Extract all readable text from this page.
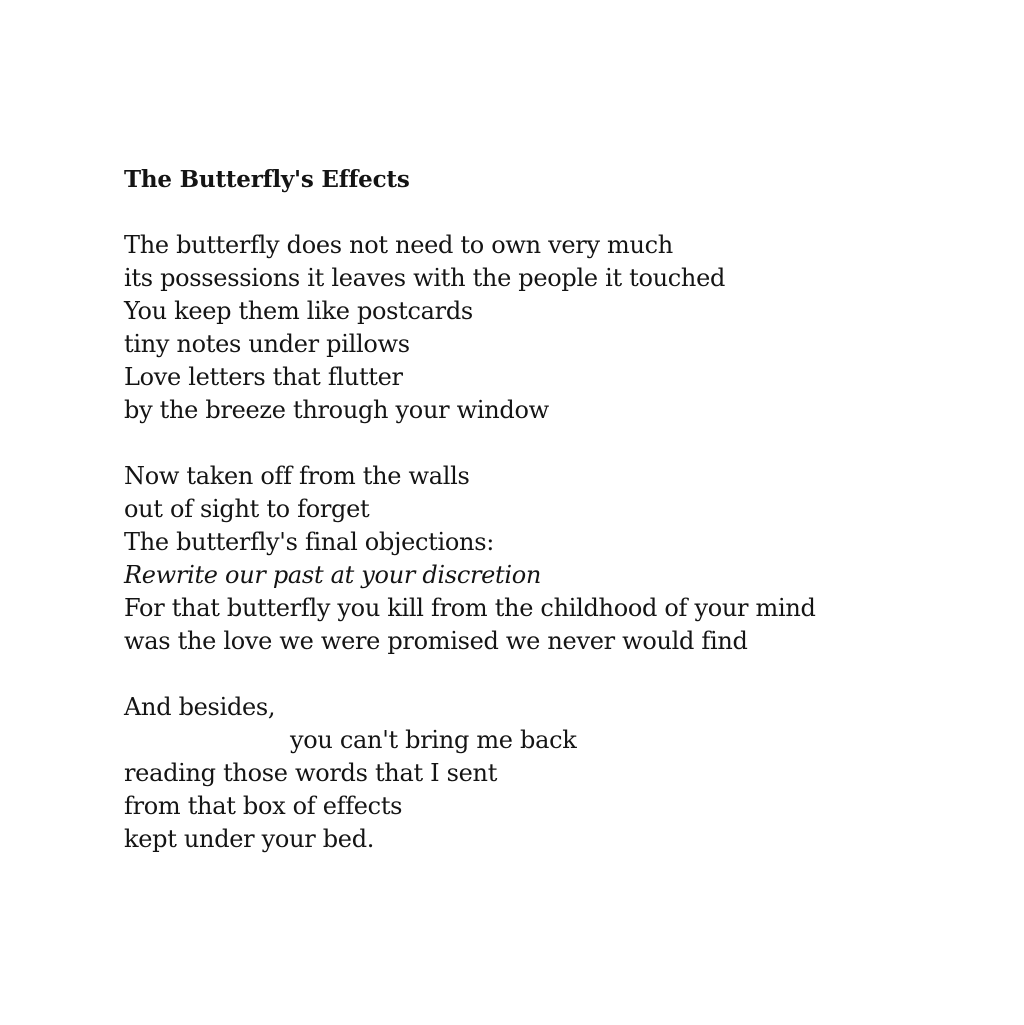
The Butterfly's Effects
The butterfly does not need to own very much
its possessions it leaves with the people it touched
You keep them like postcards
tiny notes under pillows
Love letters that flutter
by the breeze through your window
Now taken off from the walls
out of sight to forget
The butterfly's final objections:
Rewrite our past at your discretion
For that butterfly you kill from the childhood of your mind
was the love we were promised we never would find
And besides,
you can't bring me back
reading those words that I sent
from that box of effects
kept under your bed.
